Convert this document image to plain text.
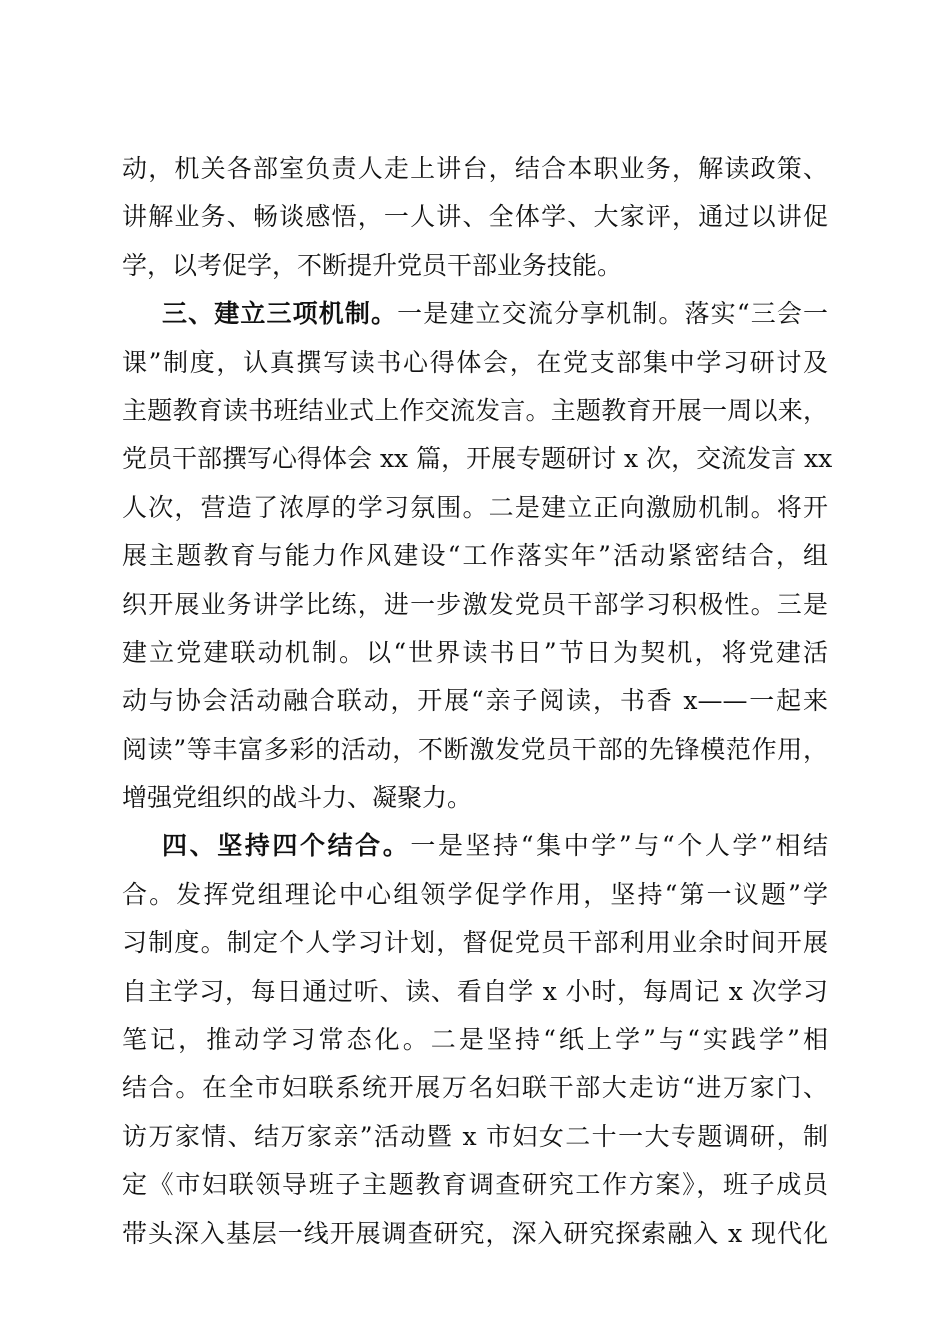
动，机关各部室负责人走上讲台，结合本职业务，解读政策、
讲解业务、畅谈感悟，一人讲、全体学、大家评，通过以讲促
学，以考促学，不断提升党员干部业务技能。
三、建立三项机制。一是建立交流分享机制。落实“三会一
课”制度，认真撰写读书心得体会，在党支部集中学习研讨及
主题教育读书班结业式上作交流发言。主题教育开展一周以来，
党员干部撰写心得体会 xx 篇，开展专题研讨 x 次，交流发言 xx
人次，营造了浓厚的学习氛围。二是建立正向激励机制。将开
展主题教育与能力作风建设“工作落实年”活动紧密结合，组
织开展业务讲学比练，进一步激发党员干部学习积极性。三是
建立党建联动机制。以“世界读书日”节日为契机，将党建活
动与协会活动融合联动，开展“亲子阅读，书香 x——一起来
阅读”等丰富多彩的活动，不断激发党员干部的先锋模范作用，
增强党组织的战斗力、凝聚力。
四、坚持四个结合。一是坚持“集中学”与“个人学”相结
合。发挥党组理论中心组领学促学作用，坚持“第一议题”学
习制度。制定个人学习计划，督促党员干部利用业余时间开展
自主学习，每日通过听、读、看自学 x 小时，每周记 x 次学习
笔记，推动学习常态化。二是坚持“纸上学”与“实践学”相
结合。在全市妇联系统开展万名妇联干部大走访“进万家门、
访万家情、结万家亲”活动暨 x 市妇女二十一大专题调研，制
定《市妇联领导班子主题教育调查研究工作方案》，班子成员
带头深入基层一线开展调查研究，深入研究探索融入 x 现代化
